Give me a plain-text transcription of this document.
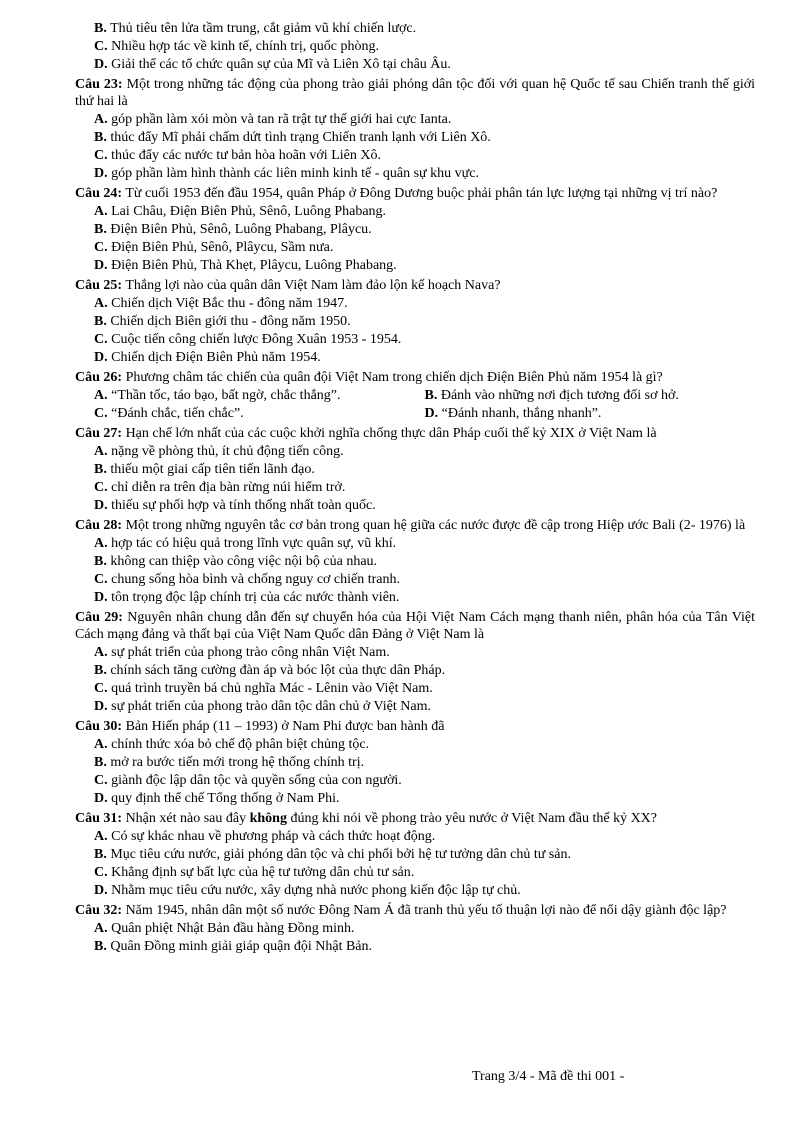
B. Thủ tiêu tên lửa tầm trung, cắt giảm vũ khí chiến lược.
C. Nhiều hợp tác về kinh tế, chính trị, quốc phòng.
D. Giải thể các tổ chức quân sự của Mĩ và Liên Xô tại châu Âu.
Câu 23: Một trong những tác động của phong trào giải phóng dân tộc đối với quan hệ Quốc tế sau Chiến tranh thế giới thứ hai là
A. góp phần làm xói mòn và tan rã trật tự thế giới hai cực Ianta.
B. thúc đẩy Mĩ phải chấm dứt tình trạng Chiến tranh lạnh với Liên Xô.
C. thúc đẩy các nước tư bản hòa hoãn với Liên Xô.
D. góp phần làm hình thành các liên minh kinh tế - quân sự khu vực.
Câu 24: Từ cuối 1953 đến đầu 1954, quân Pháp ở Đông Dương buộc phải phân tán lực lượng tại những vị trí nào?
A. Lai Châu, Điện Biên Phủ, Sênô, Luông Phabang.
B. Điện Biên Phủ, Sênô, Luông Phabang, Plâycu.
C. Điện Biên Phủ, Sênô, Plâycu, Sầm nưa.
D. Điện Biên Phủ, Thà Khẹt, Plâycu, Luông Phabang.
Câu 25: Thắng lợi nào của quân dân Việt Nam làm đảo lộn kế hoạch Nava?
A. Chiến dịch Việt Bắc thu - đông năm 1947.
B. Chiến dịch Biên giới thu - đông năm 1950.
C. Cuộc tiến công chiến lược Đông Xuân 1953 - 1954.
D. Chiến dịch Điện Biên Phủ năm 1954.
Câu 26: Phương châm tác chiến của quân đội Việt Nam trong chiến dịch Điện Biên Phủ năm 1954 là gì?
A. “Thần tốc, táo bạo, bất ngờ, chắc thắng”.	B. Đánh vào những nơi địch tương đối sơ hở.
C. “Đánh chắc, tiến chắc”.	D. “Đánh nhanh, thắng nhanh”.
Câu 27: Hạn chế lớn nhất của các cuộc khởi nghĩa chống thực dân Pháp cuối thế kỷ XIX ở Việt Nam là
A. nặng về phòng thủ, ít chủ động tiến công.
B. thiếu một giai cấp tiên tiến lãnh đạo.
C. chỉ diễn ra trên địa bàn rừng núi hiểm trở.
D. thiếu sự phối hợp và tính thống nhất toàn quốc.
Câu 28: Một trong những nguyên tắc cơ bản trong quan hệ giữa các nước được đề cập trong Hiệp ước Bali (2- 1976) là
A. hợp tác có hiệu quả trong lĩnh vực quân sự, vũ khí.
B. không can thiệp vào công việc nội bộ của nhau.
C. chung sống hòa bình và chống nguy cơ chiến tranh.
D. tôn trọng độc lập chính trị của các nước thành viên.
Câu 29: Nguyên nhân chung dẫn đến sự chuyển hóa của Hội Việt Nam Cách mạng thanh niên, phân hóa của Tân Việt Cách mạng đảng và thất bại của Việt Nam Quốc dân Đảng ở Việt Nam là
A. sự phát triển của phong trào công nhân Việt Nam.
B. chính sách tăng cường đàn áp và bóc lột của thực dân Pháp.
C. quá trình truyền bá chủ nghĩa Mác - Lênin vào Việt Nam.
D. sự phát triển của phong trào dân tộc dân chủ ở Việt Nam.
Câu 30: Bản Hiến pháp (11 – 1993) ở Nam Phi được ban hành đã
A. chính thức xóa bỏ chế độ phân biệt chủng tộc.
B. mở ra bước tiến mới trong hệ thống chính trị.
C. giành độc lập dân tộc và quyền sống của con người.
D. quy định thể chế Tổng thống ở Nam Phi.
Câu 31: Nhận xét nào sau đây không đúng khi nói về phong trào yêu nước ở Việt Nam đầu thế kỷ XX?
A. Có sự khác nhau về phương pháp và cách thức hoạt động.
B. Mục tiêu cứu nước, giải phóng dân tộc và chi phối bởi hệ tư tưởng dân chủ tư sản.
C. Khẳng định sự bất lực của hệ tư tưởng dân chủ tư sản.
D. Nhằm mục tiêu cứu nước, xây dựng nhà nước phong kiến độc lập tự chủ.
Câu 32: Năm 1945, nhân dân một số nước Đông Nam Á đã tranh thủ yếu tố thuận lợi nào để nổi dậy giành độc lập?
A. Quân phiệt Nhật Bản đầu hàng Đồng minh.
B. Quân Đồng minh giải giáp quận đội Nhật Bản.
Trang 3/4 - Mã đề thi 001 -
